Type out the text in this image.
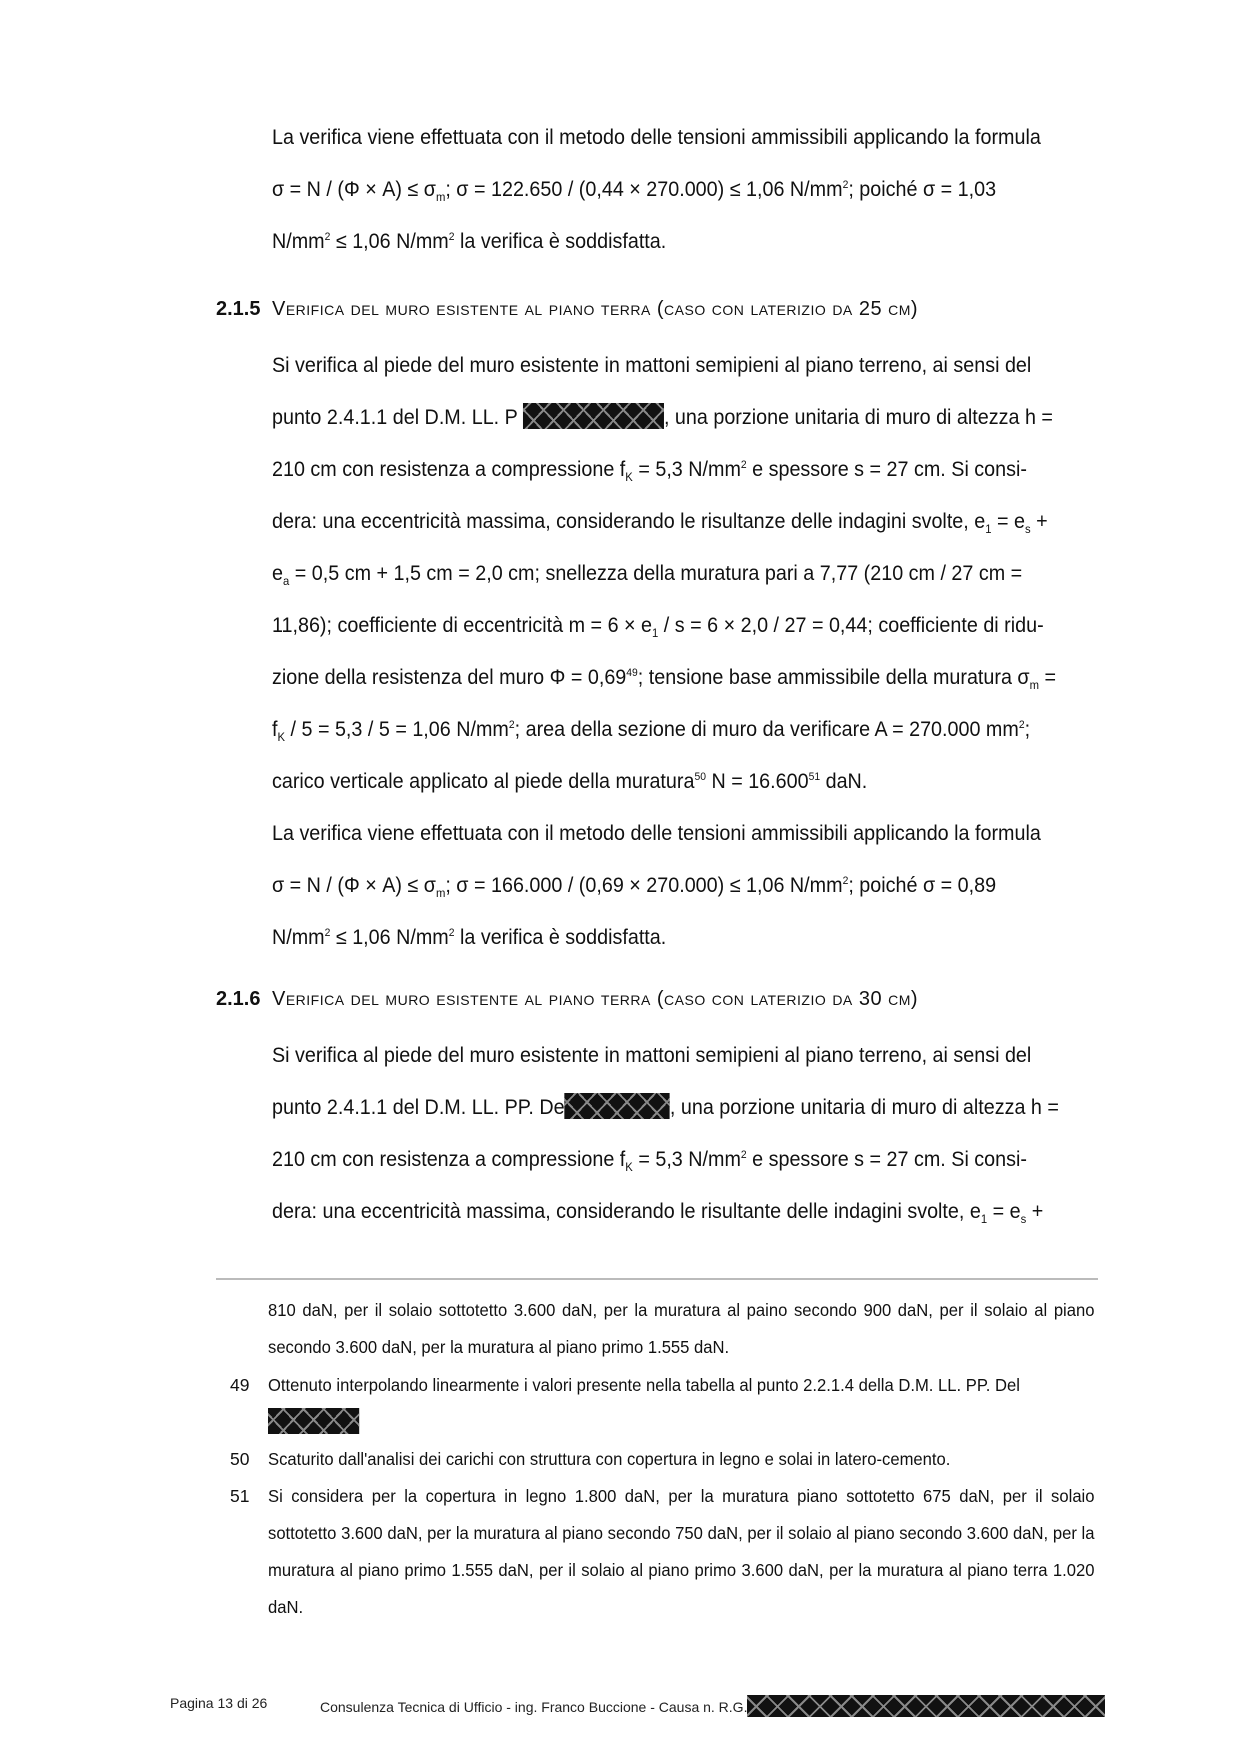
La verifica viene effettuata con il metodo delle tensioni ammissibili applicando la formula

$\sigma = N / (\Phi \times A) \le \sigma_m$; σ = 122.650 / (0,44 × 270.000) ≤ 1,06 $N/mm^2$; poiché σ = 1,03

$N/mm^2 \le 1,06$ $N/mm^2$ la verifica è soddisfatta.

2.1.5 Verifica del muro esistente al piano terra (caso con laterizio da 25 cm)

Si verifica al piede del muro esistente in mattoni semipieni al piano terreno, ai sensi del

punto 2.4.1.1 del D.M. LL. P	, una porzione unitaria di muro di altezza h =

210 cm con resistenza a compressione $f_K = 5,3$ $N/mm^2$ e spessore s = 27 cm. Si consi-

dera: una eccentricità massima, considerando le risultanze delle indagini svolte, $e_1 = e_s$ +

$e_a = 0,5$ cm + 1,5 cm = 2,0 cm; snellezza della muratura pari a 7,77 (210 cm / 27 cm =

11,86); coefficiente di eccentricità $m = 6 \times e_1 / s = 6 \times 2,0 / 27 = 0,44$; coefficiente di ridu-

zione della resistenza del muro $\Phi = 0,69^{49}$; tensione base ammissibile della muratura $\sigma_m$ =

$f_K / 5 = 5,3 / 5 = 1,06$ $N/mm^2$; area della sezione di muro da verificare A = 270.000 $mm^2$;

carico verticale applicato al piede della muratura$^{50}$ $N = 16.600^{51}$ daN.

La verifica viene effettuata con il metodo delle tensioni ammissibili applicando la formula

$\sigma = N / (\Phi \times A) \le \sigma_m$; σ = 166.000 / (0,69 × 270.000) ≤ 1,06 $N/mm^2$; poiché σ = 0,89

$N/mm^2 \le 1,06$ $N/mm^2$ la verifica è soddisfatta.

2.1.6 Verifica del muro esistente al piano terra (caso con laterizio da 30 cm)

Si verifica al piede del muro esistente in mattoni semipieni al piano terreno, ai sensi del

punto 2.4.1.1 del D.M. LL. PP. De	, una porzione unitaria di muro di altezza h =

210 cm con resistenza a compressione $f_K = 5,3$ $N/mm^2$ e spessore s = 27 cm. Si consi-

dera: una eccentricità massima, considerando le risultante delle indagini svolte, $e_1 = e_s$ +

810 daN, per il solaio sottotetto 3.600 daN, per la muratura al paino secondo 900 daN, per il solaio al piano secondo 3.600 daN, per la muratura al piano primo 1.555 daN.
49	Ottenuto interpolando linearmente i valori presente nella tabella al punto 2.2.1.4 della D.M. LL. PP. Del

50	Scaturito dall'analisi dei carichi con struttura con copertura in legno e solai in latero-cemento.
51	Si considera per la copertura in legno 1.800 daN, per la muratura piano sottotetto 675 daN, per il solaio sottotetto 3.600 daN, per la muratura al piano secondo 750 daN, per il solaio al piano secondo 3.600 daN, per la muratura al piano primo 1.555 daN, per il solaio al piano primo 3.600 daN, per la muratura al piano terra 1.020 daN.
Pagina 13 di 26	Consulenza Tecnica di Ufficio - ing. Franco Buccione - Causa n. R.G.
